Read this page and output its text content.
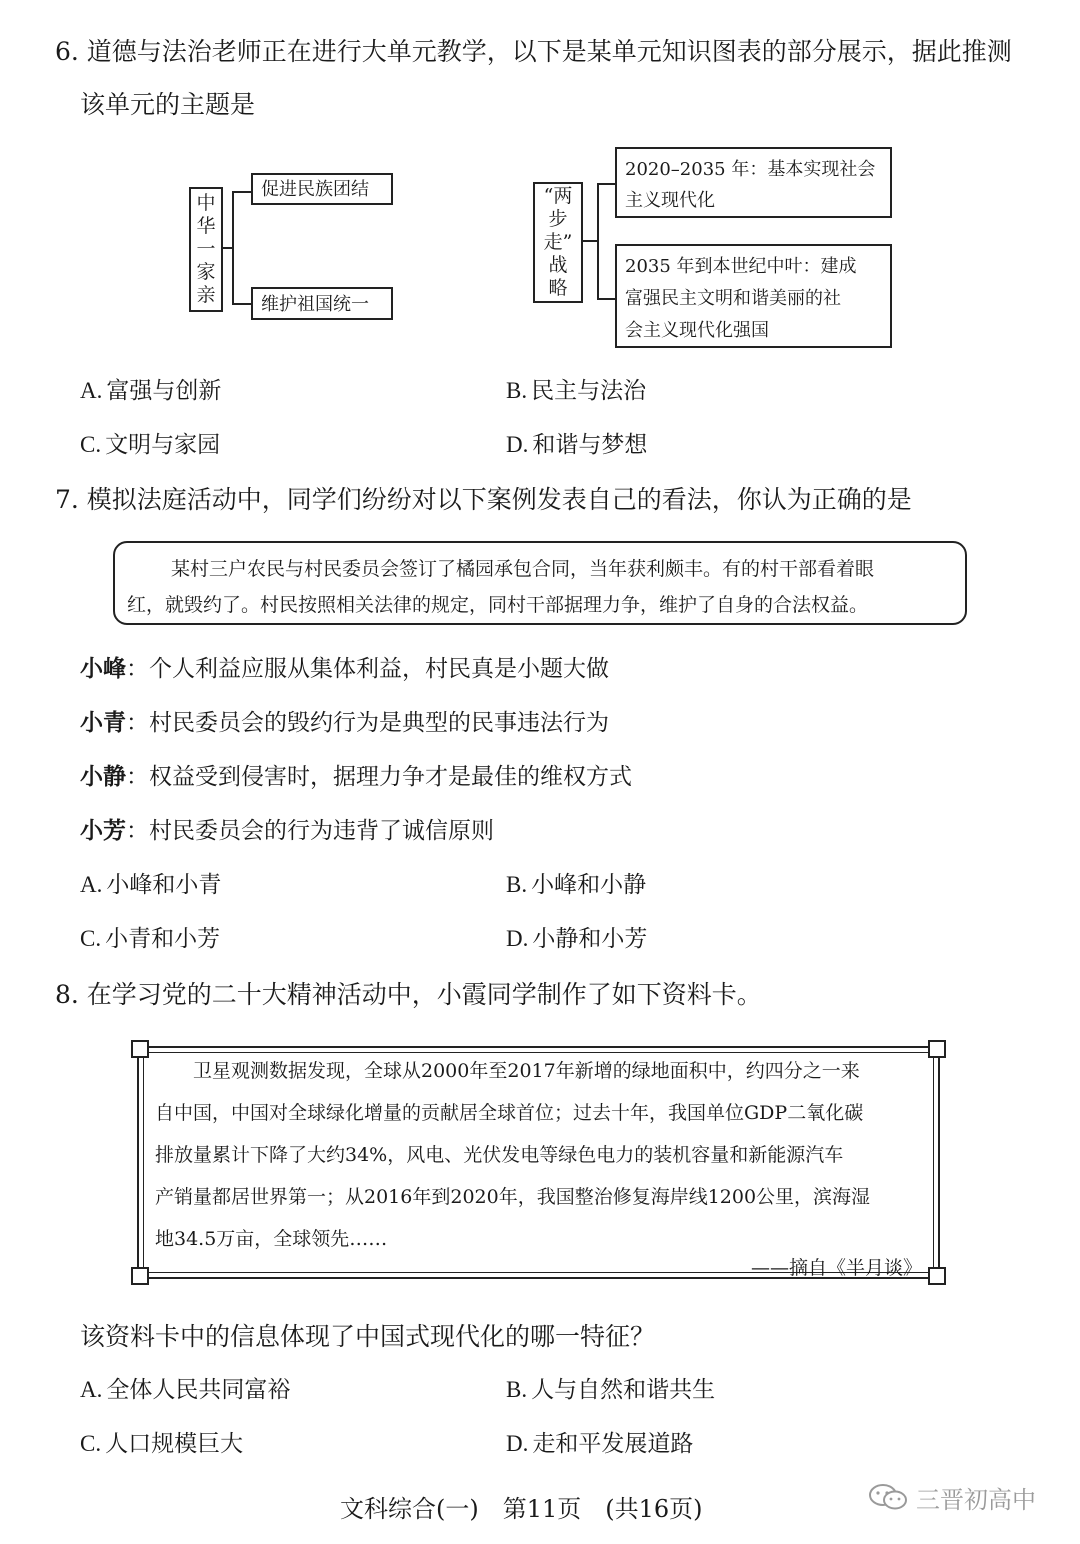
6. 道德与法治老师正在进行大单元教学，以下是某单元知识图表的部分展示，据此推测
该单元的主题是
中
华
一
家
亲
促进民族团结
维护祖国统一
“两
步
走”
战
略
2020–2035 年：基本实现社会
主义现代化
2035 年到本世纪中叶：建成
富强民主文明和谐美丽的社
会主义现代化强国
A. 富强与创新	B. 民主与法治
C. 文明与家园	D. 和谐与梦想
7. 模拟法庭活动中，同学们纷纷对以下案例发表自己的看法，你认为正确的是

某村三户农民与村民委员会签订了橘园承包合同，当年获利颇丰。有的村干部看着眼

红，就毁约了。村民按照相关法律的规定，同村干部据理力争，维护了自身的合法权益。

小峰：个人利益应服从集体利益，村民真是小题大做
小青：村民委员会的毁约行为是典型的民事违法行为
小静：权益受到侵害时，据理力争才是最佳的维权方式
小芳：村民委员会的行为违背了诚信原则
A. 小峰和小青	B. 小峰和小静
C. 小青和小芳	D. 小静和小芳
8. 在学习党的二十大精神活动中，小霞同学制作了如下资料卡。

　　卫星观测数据发现，全球从2000年至2017年新增的绿地面积中，约四分之一来

自中国，中国对全球绿化增量的贡献居全球首位；过去十年，我国单位GDP二氧化碳

排放量累计下降了大约34%，风电、光伏发电等绿色电力的装机容量和新能源汽车

产销量都居世界第一；从2016年到2020年，我国整治修复海岸线1200公里，滨海湿

地34.5万亩，全球领先……

——摘自《半月谈》
该资料卡中的信息体现了中国式现代化的哪一特征？
A. 全体人民共同富裕	B. 人与自然和谐共生
C. 人口规模巨大	D. 走和平发展道路
文科综合(一)　第11页　(共16页)	三晋初高中
